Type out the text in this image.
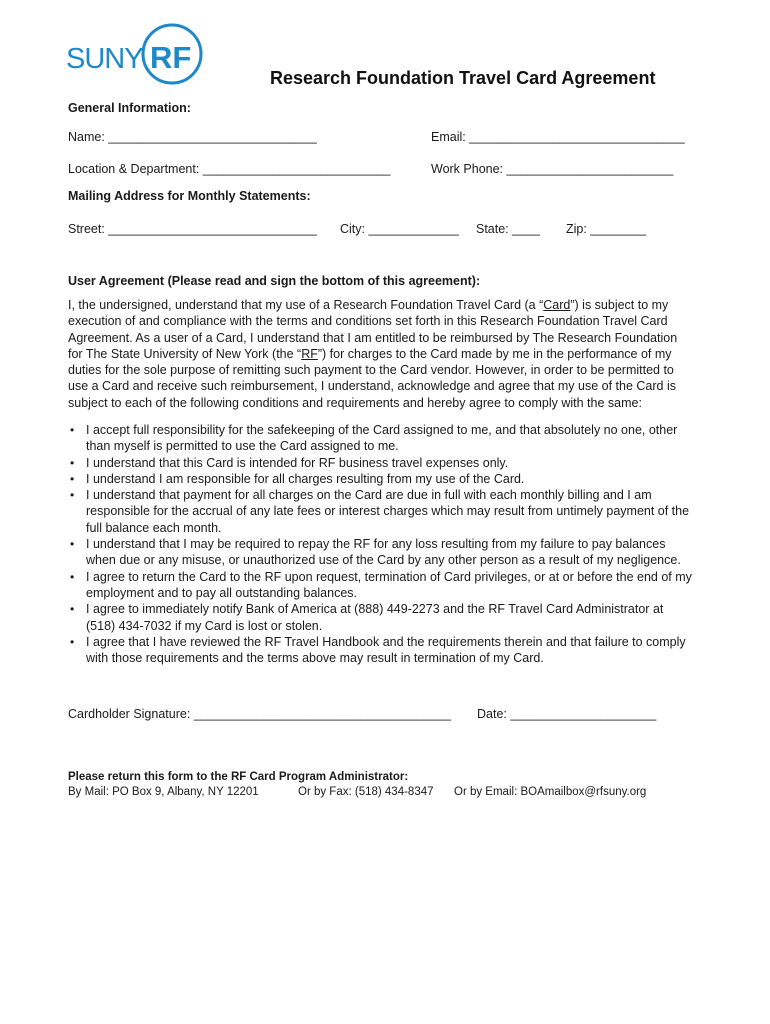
SUNY RF
Research Foundation Travel Card Agreement
General Information:
Name: ______________________________	Email: _______________________________
Location & Department: ___________________________	Work Phone: ________________________
Mailing Address for Monthly Statements:
Street: ______________________________ City: _____________ State: ____ Zip: ________
User Agreement (Please read and sign the bottom of this agreement):
I, the undersigned, understand that my use of a Research Foundation Travel Card (a “Card”) is subject to my execution of and compliance with the terms and conditions set forth in this Research Foundation Travel Card Agreement. As a user of a Card, I understand that I am entitled to be reimbursed by The Research Foundation for The State University of New York (the “RF”) for charges to the Card made by me in the performance of my duties for the sole purpose of remitting such payment to the Card vendor. However, in order to be permitted to use a Card and receive such reimbursement, I understand, acknowledge and agree that my use of the Card is subject to each of the following conditions and requirements and hereby agree to comply with the same:
• I accept full responsibility for the safekeeping of the Card assigned to me, and that absolutely no one, other than myself is permitted to use the Card assigned to me.
• I understand that this Card is intended for RF business travel expenses only.
• I understand I am responsible for all charges resulting from my use of the Card.
• I understand that payment for all charges on the Card are due in full with each monthly billing and I am responsible for the accrual of any late fees or interest charges which may result from untimely payment of the full balance each month.
• I understand that I may be required to repay the RF for any loss resulting from my failure to pay balances when due or any misuse, or unauthorized use of the Card by any other person as a result of my negligence.
• I agree to return the Card to the RF upon request, termination of Card privileges, or at or before the end of my employment and to pay all outstanding balances.
• I agree to immediately notify Bank of America at (888) 449-2273 and the RF Travel Card Administrator at (518) 434-7032 if my Card is lost or stolen.
• I agree that I have reviewed the RF Travel Handbook and the requirements therein and that failure to comply with those requirements and the terms above may result in termination of my Card.
Cardholder Signature: _____________________________________ Date: _____________________
Please return this form to the RF Card Program Administrator:
By Mail: PO Box 9, Albany, NY 12201	Or by Fax: (518) 434-8347 Or by Email: BOAmailbox@rfsuny.org
